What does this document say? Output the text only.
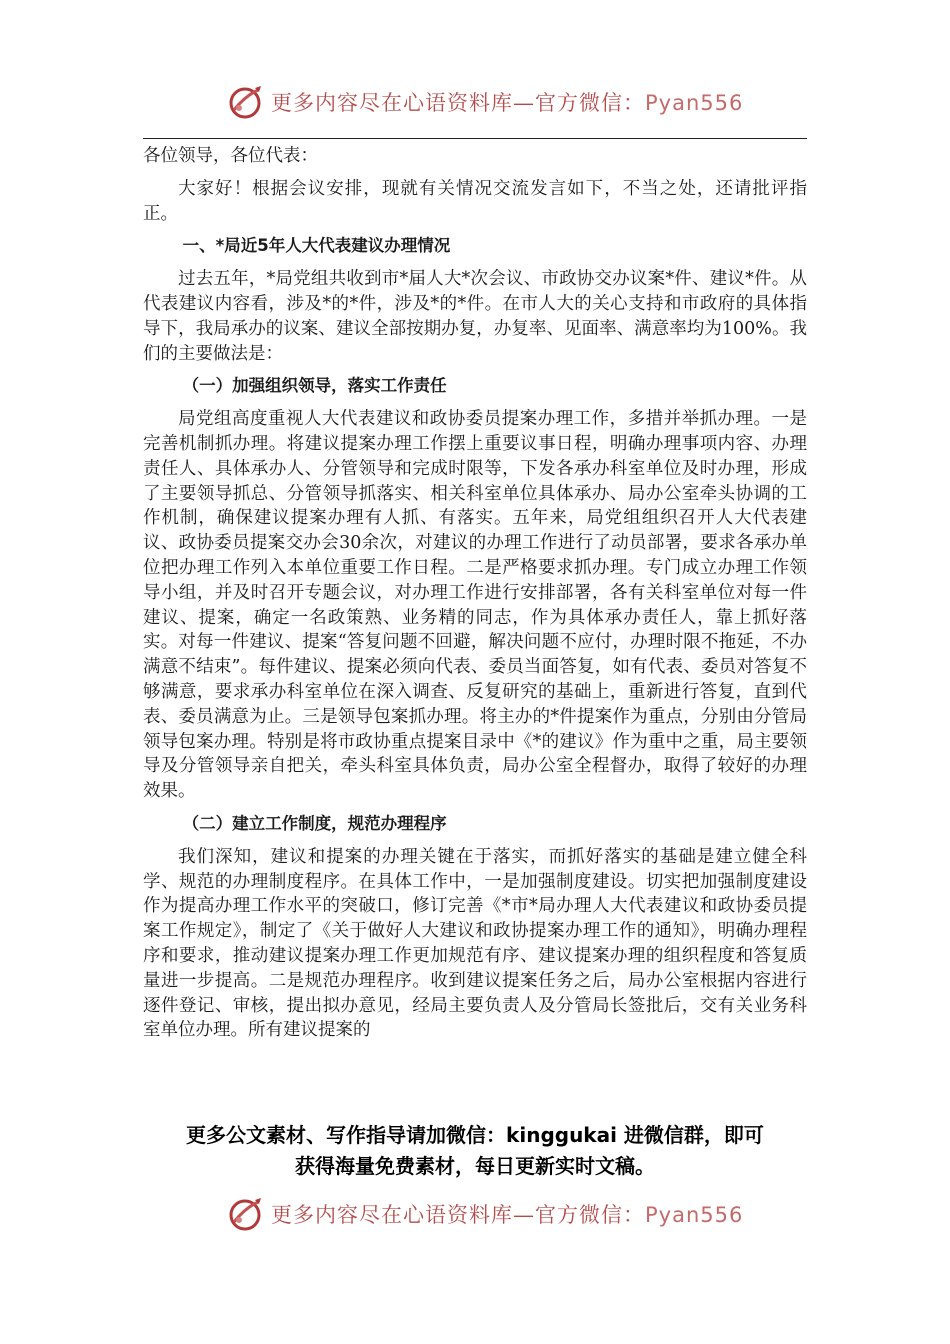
更多内容尽在心语资料库—官方微信：Pyan556

各位领导，各位代表：

大家好！根据会议安排，现就有关情况交流发言如下，不当之处，还请批评指正。

一、*局近5年人大代表建议办理情况

过去五年，*局党组共收到市*届人大*次会议、市政协交办议案*件、建议*件。从代表建议内容看，涉及*的*件，涉及*的*件。在市人大的关心支持和市政府的具体指导下，我局承办的议案、建议全部按期办复，办复率、见面率、满意率均为100%。我们的主要做法是：

（一）加强组织领导，落实工作责任

局党组高度重视人大代表建议和政协委员提案办理工作，多措并举抓办理。一是完善机制抓办理。将建议提案办理工作摆上重要议事日程，明确办理事项内容、办理责任人、具体承办人、分管领导和完成时限等，下发各承办科室单位及时办理，形成了主要领导抓总、分管领导抓落实、相关科室单位具体承办、局办公室牵头协调的工作机制，确保建议提案办理有人抓、有落实。五年来，局党组组织召开人大代表建议、政协委员提案交办会30余次，对建议的办理工作进行了动员部署，要求各承办单位把办理工作列入本单位重要工作日程。二是严格要求抓办理。专门成立办理工作领导小组，并及时召开专题会议，对办理工作进行安排部署，各有关科室单位对每一件建议、提案，确定一名政策熟、业务精的同志，作为具体承办责任人，靠上抓好落实。对每一件建议、提案“答复问题不回避，解决问题不应付，办理时限不拖延，不办满意不结束”。每件建议、提案必须向代表、委员当面答复，如有代表、委员对答复不够满意，要求承办科室单位在深入调查、反复研究的基础上，重新进行答复，直到代表、委员满意为止。三是领导包案抓办理。将主办的*件提案作为重点，分别由分管局领导包案办理。特别是将市政协重点提案目录中《*的建议》作为重中之重，局主要领导及分管领导亲自把关，牵头科室具体负责，局办公室全程督办，取得了较好的办理效果。

（二）建立工作制度，规范办理程序

我们深知，建议和提案的办理关键在于落实，而抓好落实的基础是建立健全科学、规范的办理制度程序。在具体工作中，一是加强制度建设。切实把加强制度建设作为提高办理工作水平的突破口，修订完善《*市*局办理人大代表建议和政协委员提案工作规定》，制定了《关于做好人大建议和政协提案办理工作的通知》，明确办理程序和要求，推动建议提案办理工作更加规范有序、建议提案办理的组织程度和答复质量进一步提高。二是规范办理程序。收到建议提案任务之后，局办公室根据内容进行逐件登记、审核，提出拟办意见，经局主要负责人及分管局长签批后，交有关业务科室单位办理。所有建议提案的

更多公文素材、写作指导请加微信：kinggukai 进微信群，即可
获得海量免费素材，每日更新实时文稿。
更多内容尽在心语资料库—官方微信：Pyan556
